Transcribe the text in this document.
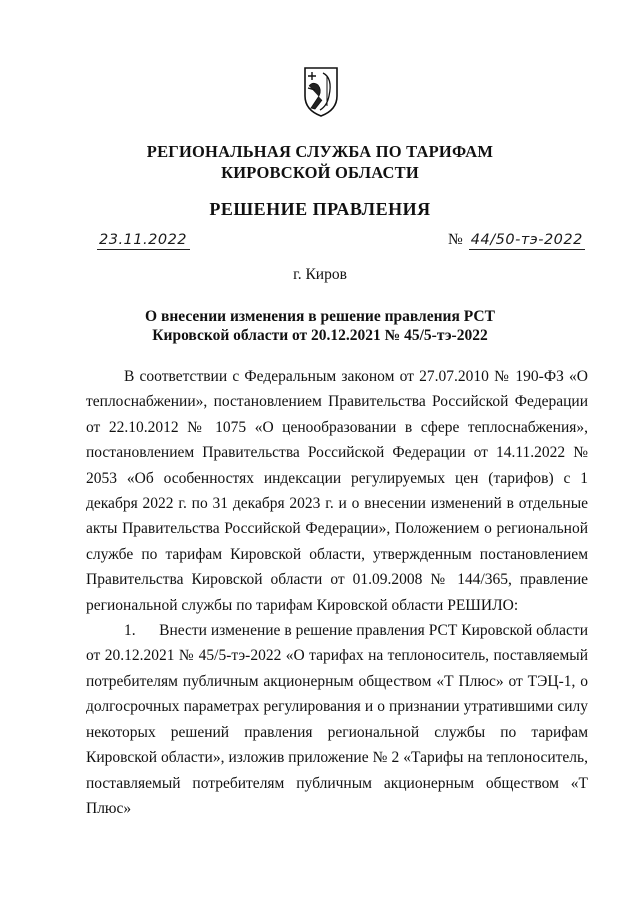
РЕГИОНАЛЬНАЯ СЛУЖБА ПО ТАРИФАМ
КИРОВСКОЙ ОБЛАСТИ
РЕШЕНИЕ ПРАВЛЕНИЯ
23.11.2022	№ 44/50-тэ-2022
г. Киров
О внесении изменения в решение правления РСТ
Кировской области от 20.12.2021 № 45/5-тэ-2022

В соответствии с Федеральным законом от 27.07.2010 № 190-ФЗ «О теплоснабжении», постановлением Правительства Российской Федерации от 22.10.2012 № 1075 «О ценообразовании в сфере теплоснабжения», постановлением Правительства Российской Федерации от 14.11.2022 № 2053 «Об особенностях индексации регулируемых цен (тарифов) с 1 декабря 2022 г. по 31 декабря 2023 г. и о внесении изменений в отдельные акты Правительства Российской Федерации», Положением о региональной службе по тарифам Кировской области, утвержденным постановлением Правительства Кировской области от 01.09.2008 № 144/365, правление региональной службы по тарифам Кировской области РЕШИЛО:

1.      Внести изменение в решение правления РСТ Кировской области от 20.12.2021 № 45/5-тэ-2022 «О тарифах на теплоноситель, поставляемый потребителям публичным акционерным обществом «Т Плюс» от ТЭЦ-1, о долгосрочных параметрах регулирования и о признании утратившими силу некоторых решений правления региональной службы по тарифам Кировской области», изложив приложение № 2 «Тарифы на теплоноситель, поставляемый потребителям публичным акционерным обществом «Т Плюс»
